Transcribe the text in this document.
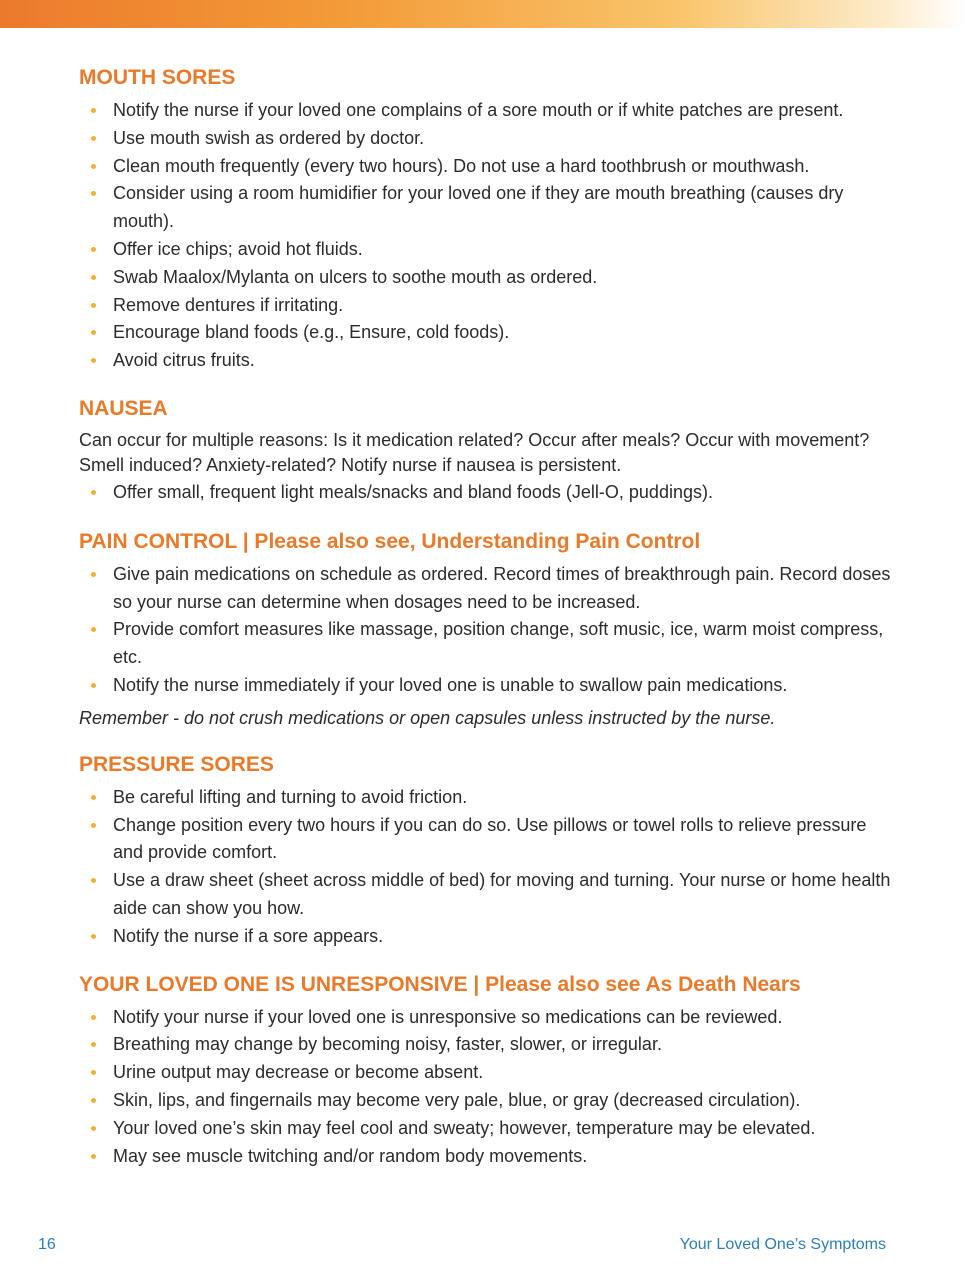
MOUTH SORES
Notify the nurse if your loved one complains of a sore mouth or if white patches are present.
Use mouth swish as ordered by doctor.
Clean mouth frequently (every two hours). Do not use a hard toothbrush or mouthwash.
Consider using a room humidifier for your loved one if they are mouth breathing (causes dry mouth).
Offer ice chips; avoid hot fluids.
Swab Maalox/Mylanta on ulcers to soothe mouth as ordered.
Remove dentures if irritating.
Encourage bland foods (e.g., Ensure, cold foods).
Avoid citrus fruits.
NAUSEA

Can occur for multiple reasons: Is it medication related? Occur after meals? Occur with movement? Smell induced? Anxiety-related? Notify nurse if nausea is persistent.

Offer small, frequent light meals/snacks and bland foods (Jell-O, puddings).
PAIN CONTROL | Please also see, Understanding Pain Control
Give pain medications on schedule as ordered. Record times of breakthrough pain. Record doses so your nurse can determine when dosages need to be increased.
Provide comfort measures like massage, position change, soft music, ice, warm moist compress, etc.
Notify the nurse immediately if your loved one is unable to swallow pain medications.
Remember - do not crush medications or open capsules unless instructed by the nurse.
PRESSURE SORES
Be careful lifting and turning to avoid friction.
Change position every two hours if you can do so. Use pillows or towel rolls to relieve pressure and provide comfort.
Use a draw sheet (sheet across middle of bed) for moving and turning. Your nurse or home health aide can show you how.
Notify the nurse if a sore appears.
YOUR LOVED ONE IS UNRESPONSIVE | Please also see As Death Nears
Notify your nurse if your loved one is unresponsive so medications can be reviewed.
Breathing may change by becoming noisy, faster, slower, or irregular.
Urine output may decrease or become absent.
Skin, lips, and fingernails may become very pale, blue, or gray (decreased circulation).
Your loved one’s skin may feel cool and sweaty; however, temperature may be elevated.
May see muscle twitching and/or random body movements.
16	Your Loved One’s Symptoms
